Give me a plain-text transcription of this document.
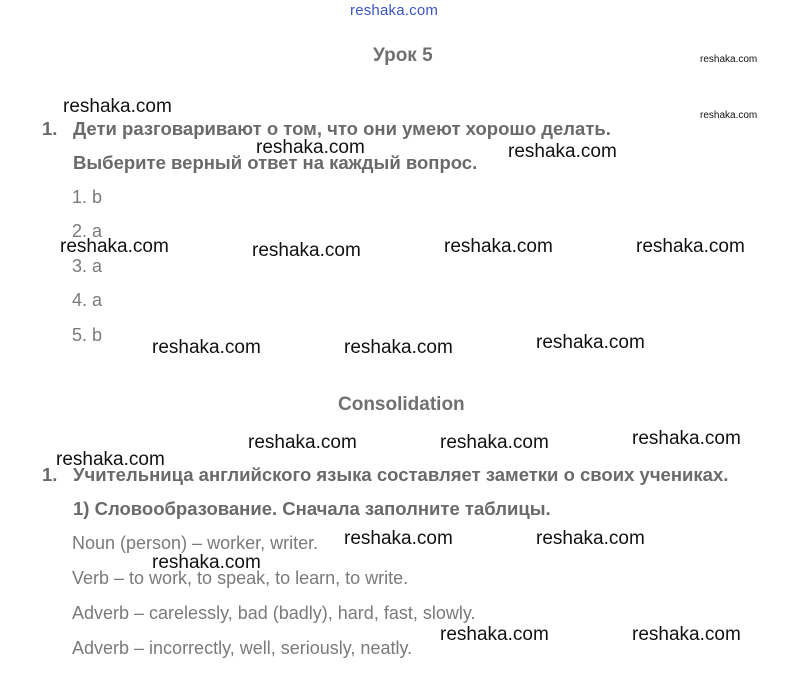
reshaka.com
Урок 5
1. Дети разговаривают о том, что они умеют хорошо делать.
Выберите верный ответ на каждый вопрос.
1. b
2. a
3. a
4. a
5. b
Consolidation
1. Учительница английского языка составляет заметки о своих учениках.
1) Словообразование. Сначала заполните таблицы.
Noun (person) – worker, writer.
Verb – to work, to speak, to learn, to write.
Adverb – carelessly, bad (badly), hard, fast, slowly.
Adverb – incorrectly, well, seriously, neatly.
reshaka.com
reshaka.com
reshaka.com
reshaka.com	reshaka.com
reshaka.com	reshaka.com	reshaka.com	reshaka.com
reshaka.com	reshaka.com	reshaka.com
reshaka.com
reshaka.com	reshaka.com	reshaka.com
reshaka.com	reshaka.com
reshaka.com
reshaka.com	reshaka.com
